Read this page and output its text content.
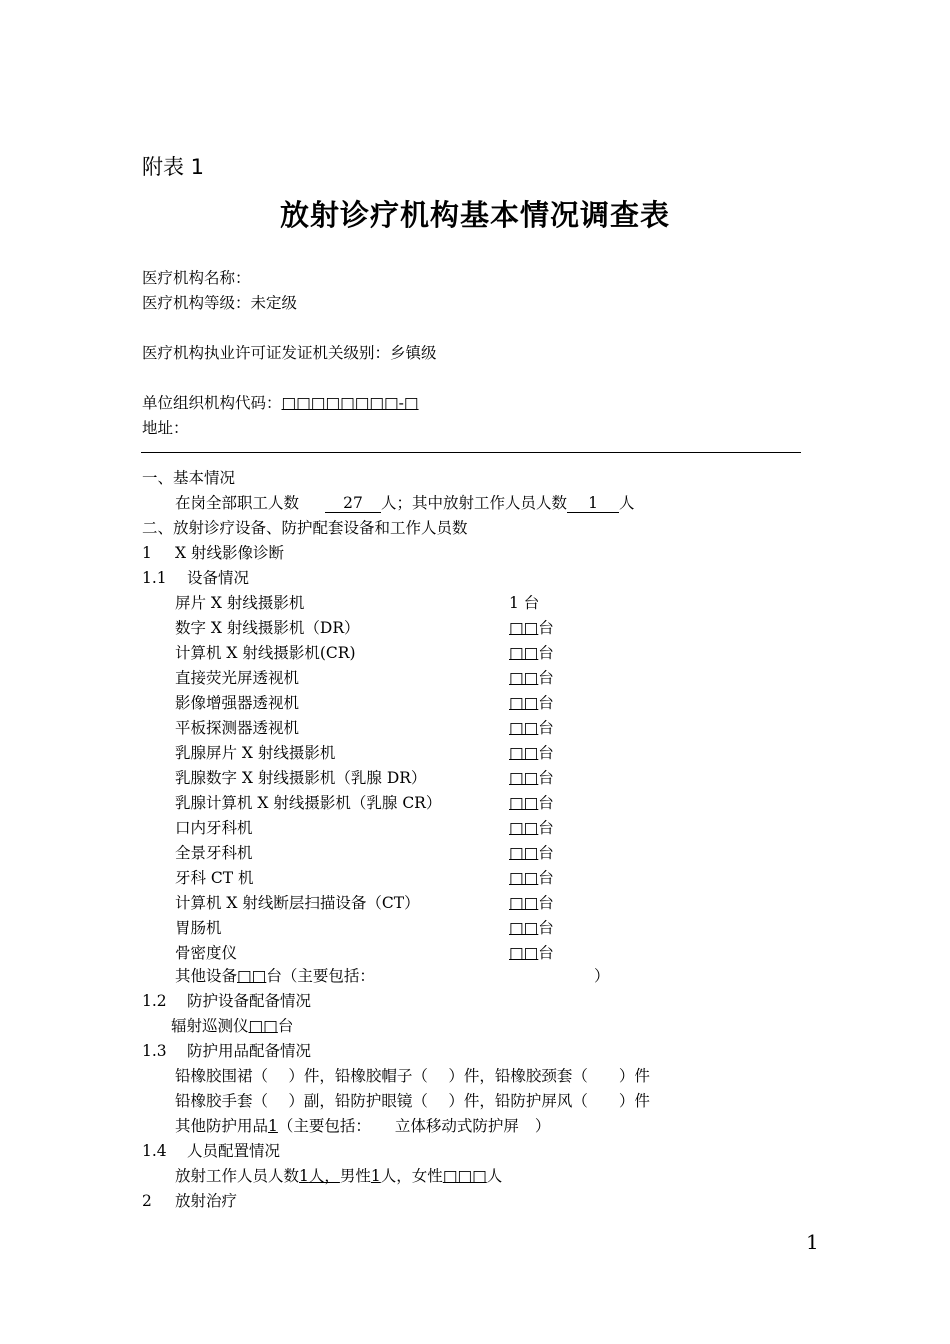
附表 1
放射诊疗机构基本情况调查表
医疗机构名称：
医疗机构等级：未定级
医疗机构执业许可证发证机关级别：乡镇级
单位组织机构代码：□□□□□□□□-□
地址：
一、基本情况
在岗全部职工人数	27 人；其中放射工作人员人数 1 人
二、放射诊疗设备、防护配套设备和工作人员数
1 X 射线影像诊断
1.1 设备情况
屏片 X 射线摄影机	1 台
数字 X 射线摄影机（DR）	□□台
计算机 X 射线摄影机(CR)	□□台
直接荧光屏透视机	□□台
影像增强器透视机	□□台
平板探测器透视机	□□台
乳腺屏片 X 射线摄影机	□□台
乳腺数字 X 射线摄影机（乳腺 DR）	□□台
乳腺计算机 X 射线摄影机（乳腺 CR）	□□台
口内牙科机	□□台
全景牙科机	□□台
牙科 CT 机	□□台
计算机 X 射线断层扫描设备（CT）	□□台
胃肠机	□□台
骨密度仪	□□台
其他设备□□台（主要包括：	）
1.2 防护设备配备情况
辐射巡测仪□□台
1.3 防护用品配备情况
铅橡胶围裙（　 ）件，铅橡胶帽子（　 ）件，铅橡胶颈套（　　）件
铅橡胶手套（　 ）副，铅防护眼镜（　 ）件，铅防护屏风（　　）件
其他防护用品1（主要包括： 立体移动式防护屏 ）
1.4 人员配置情况
放射工作人员人数1人，男性1人，女性□□□人
2 放射治疗
1
